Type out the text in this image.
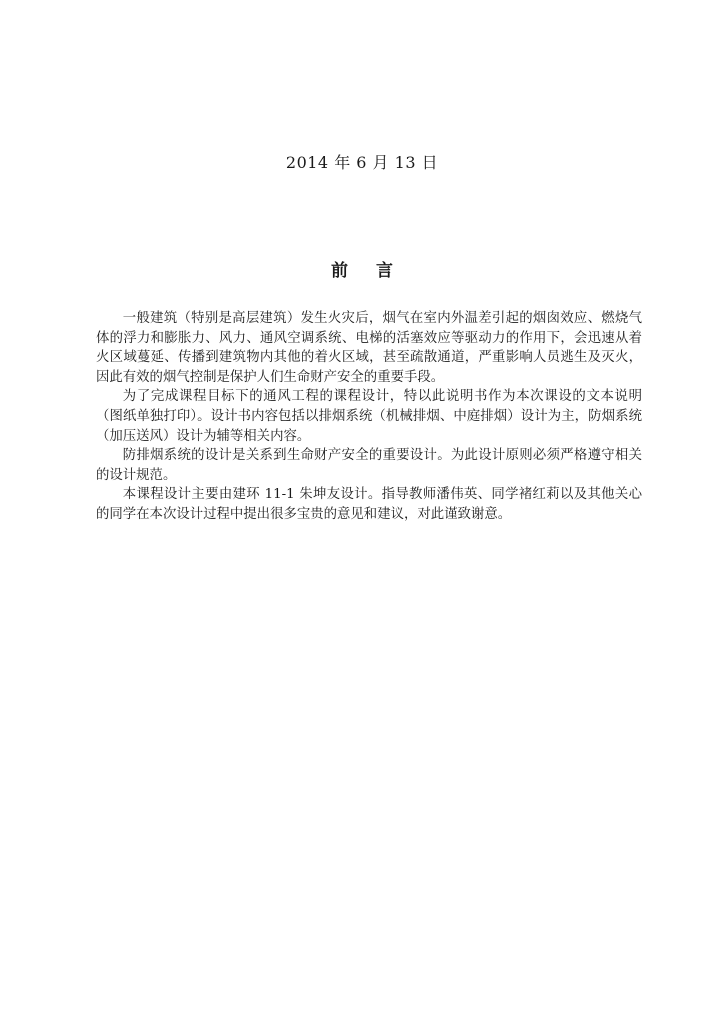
2014 年 6 月 13 日
前 言

一般建筑（特别是高层建筑）发生火灾后，烟气在室内外温差引起的烟囱效应、燃烧气体的浮力和膨胀力、风力、通风空调系统、电梯的活塞效应等驱动力的作用下，会迅速从着火区域蔓延、传播到建筑物内其他的着火区域，甚至疏散通道，严重影响人员逃生及灭火，因此有效的烟气控制是保护人们生命财产安全的重要手段。

为了完成课程目标下的通风工程的课程设计，特以此说明书作为本次课设的文本说明（图纸单独打印）。设计书内容包括以排烟系统（机械排烟、中庭排烟）设计为主，防烟系统（加压送风）设计为辅等相关内容。

防排烟系统的设计是关系到生命财产安全的重要设计。为此设计原则必须严格遵守相关的设计规范。

本课程设计主要由建环 11-1 朱坤友设计。指导教师潘伟英、同学褚红莉以及其他关心的同学在本次设计过程中提出很多宝贵的意见和建议，对此谨致谢意。
